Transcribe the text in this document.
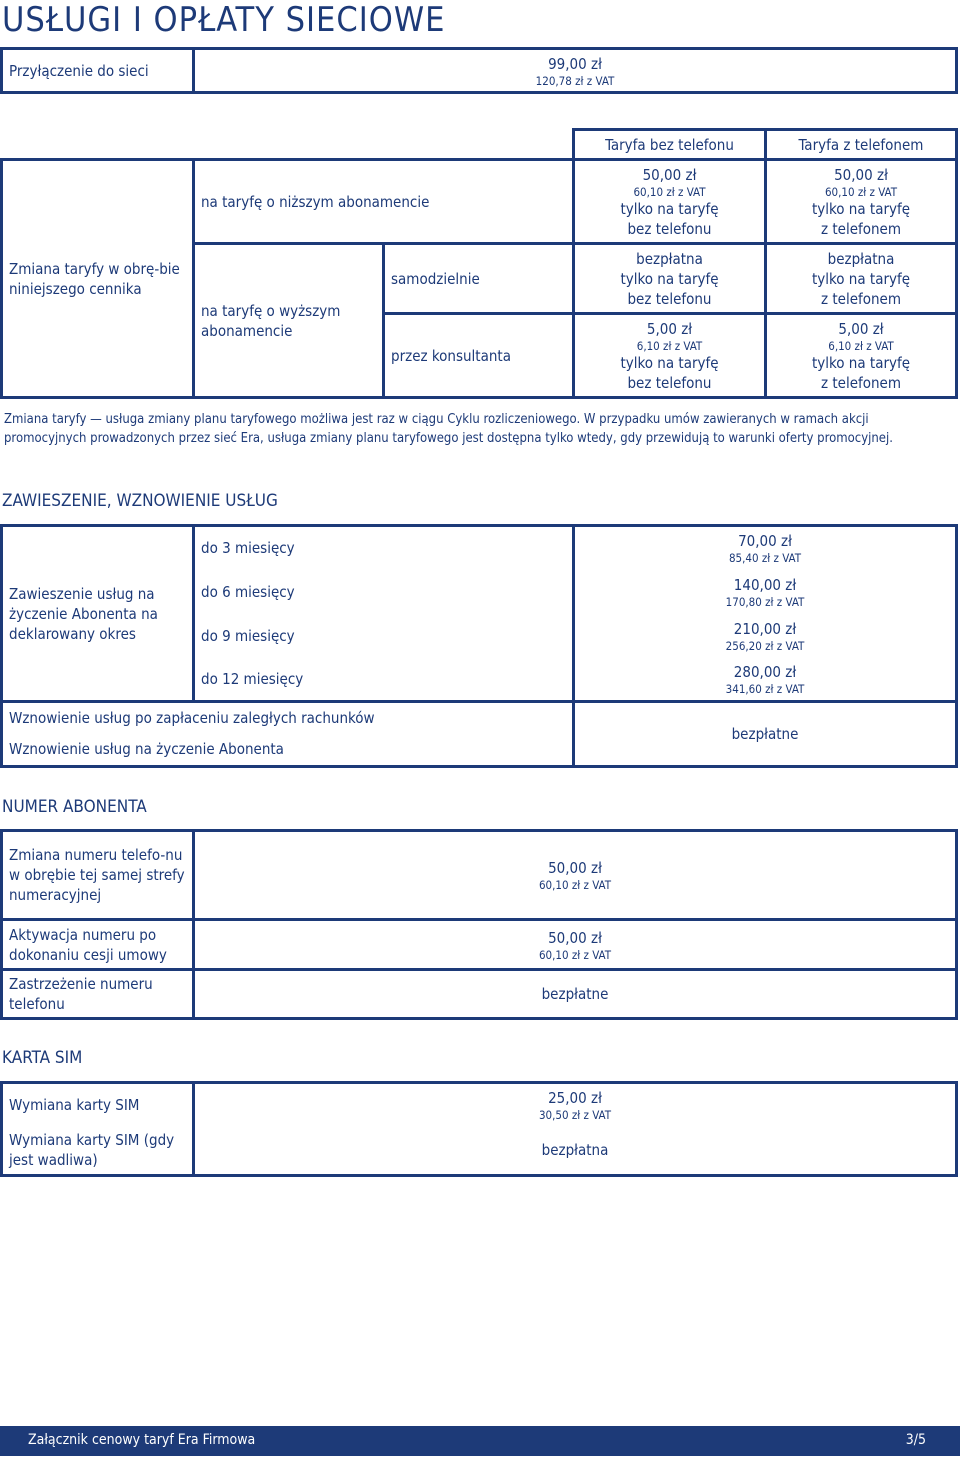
USŁUGI I OPŁATY SIECIOWE
Przyłączenie do sieci	99,00 zł
120,78 zł z VAT
			Taryfa bez telefonu	Taryfa z telefonem
Zmiana taryfy w obrę-bie niniejszego cennika	na taryfę o niższym abonamencie		50,00 zł
60,10 zł z VAT
tylko na taryfę
bez telefonu	50,00 zł
60,10 zł z VAT
tylko na taryfę
z telefonem

	na taryfę o wyższym abonamencie	samodzielnie	bezpłatna
tylko na taryfę
bez telefonu	bezpłatna
tylko na taryfę
z telefonem

		przez konsultanta	5,00 zł
6,10 zł z VAT
tylko na taryfę
bez telefonu	5,00 zł
6,10 zł z VAT
tylko na taryfę
z telefonem
Zmiana taryfy — usługa zmiany planu taryfowego możliwa jest raz w ciągu Cyklu rozliczeniowego. W przypadku umów zawieranych w ramach akcji promocyjnych prowadzonych przez sieć Era, usługa zmiany planu taryfowego jest dostępna tylko wtedy, gdy przewidują to warunki oferty promocyjnej.
ZAWIESZENIE, WZNOWIENIE USŁUG
Zawieszenie usług na życzenie Abonenta na deklarowany okres	do 3 miesięcy	70,00 zł
85,40 zł z VAT

	do 6 miesięcy	140,00 zł
170,80 zł z VAT

	do 9 miesięcy	210,00 zł
256,20 zł z VAT

	do 12 miesięcy	280,00 zł
341,60 zł z VAT

Wznowienie usług po zapłaceniu zaległych rachunków		bezpłatne
Wznowienie usług na życzenie Abonenta		
NUMER ABONENTA
Zmiana numeru telefo-nu w obrębie tej samej strefy numeracyjnej	50,00 zł
60,10 zł z VAT

Aktywacja numeru po dokonaniu cesji umowy	50,00 zł
60,10 zł z VAT

Zastrzeżenie numeru telefonu	bezpłatne
KARTA SIM
Wymiana karty SIM	25,00 zł
30,50 zł z VAT

Wymiana karty SIM (gdy jest wadliwa)	bezpłatna
Załącznik cenowy taryf Era Firmowa	3/5
